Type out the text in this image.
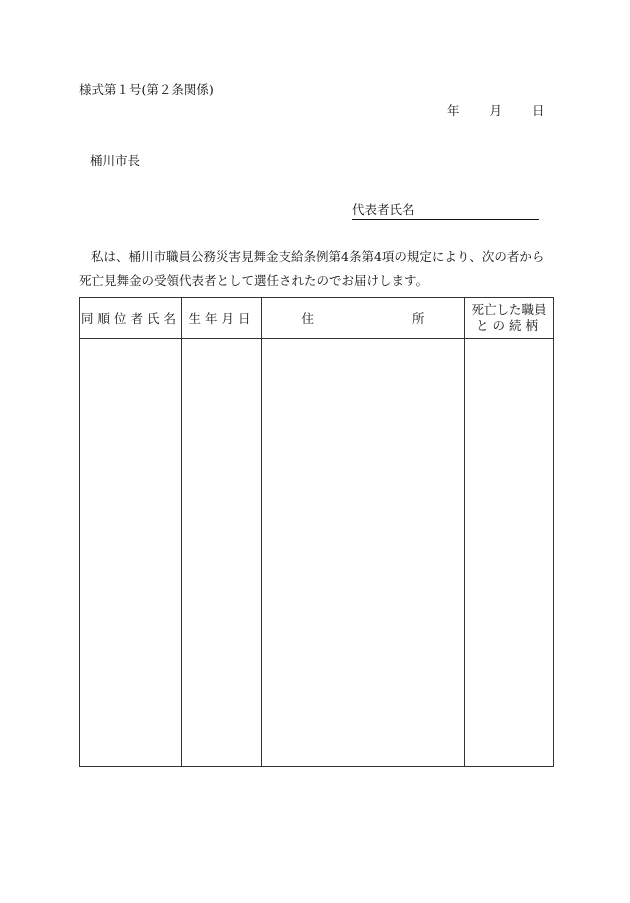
様式第１号(第２条関係)
年 月 日
桶川市長
代表者氏名
私は、桶川市職員公務災害見舞金支給条例第4条第4項の規定により、次の者から死亡見舞金の受領代表者として選任されたのでお届けします。
同順位者氏名	生年月日	住 所	死亡した職員
との続柄
